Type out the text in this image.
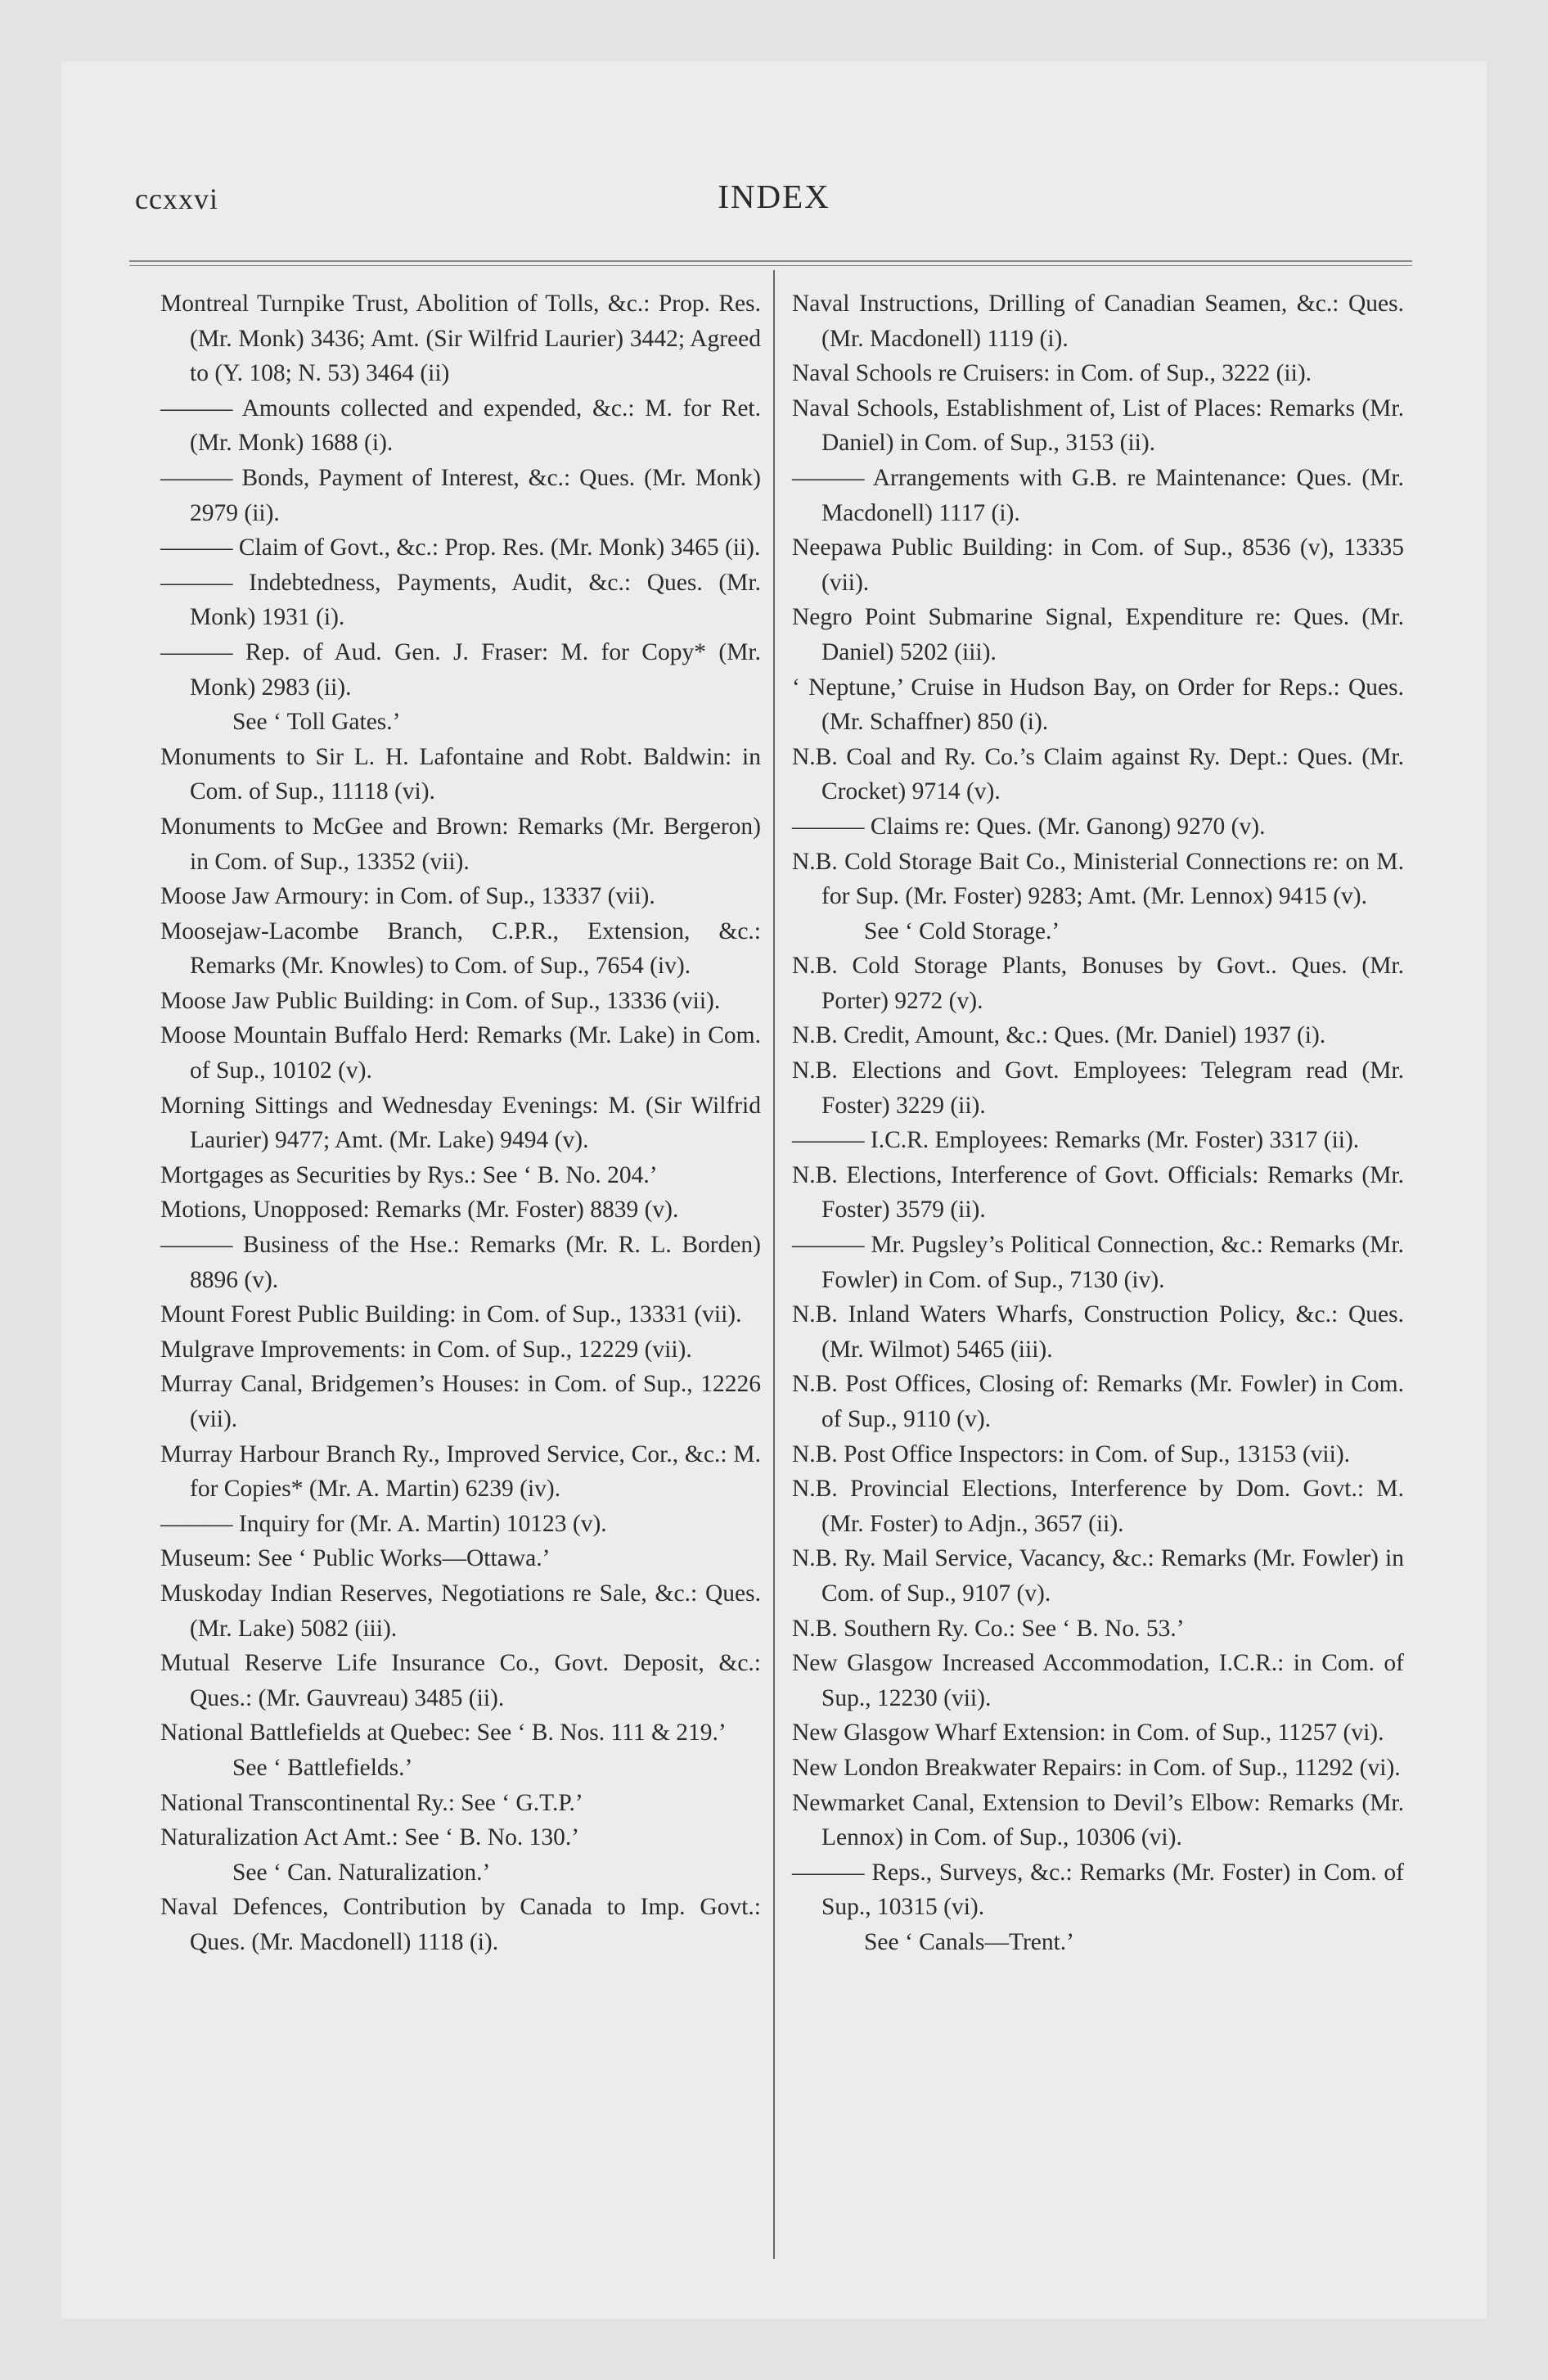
ccxxvi	INDEX
Montreal Turnpike Trust, Abolition of Tolls, &c.: Prop. Res. (Mr. Monk) 3436; Amt. (Sir Wilfrid Laurier) 3442; Agreed to (Y. 108; N. 53) 3464 (ii)
——— Amounts collected and expended, &c.: M. for Ret. (Mr. Monk) 1688 (i).
——— Bonds, Payment of Interest, &c.: Ques. (Mr. Monk) 2979 (ii).
——— Claim of Govt., &c.: Prop. Res. (Mr. Monk) 3465 (ii).
——— Indebtedness, Payments, Audit, &c.: Ques. (Mr. Monk) 1931 (i).
——— Rep. of Aud. Gen. J. Fraser: M. for Copy* (Mr. Monk) 2983 (ii).
See ‘ Toll Gates.’
Monuments to Sir L. H. Lafontaine and Robt. Baldwin: in Com. of Sup., 11118 (vi).
Monuments to McGee and Brown: Remarks (Mr. Bergeron) in Com. of Sup., 13352 (vii).
Moose Jaw Armoury: in Com. of Sup., 13337 (vii).
Moosejaw-Lacombe Branch, C.P.R., Extension, &c.: Remarks (Mr. Knowles) to Com. of Sup., 7654 (iv).
Moose Jaw Public Building: in Com. of Sup., 13336 (vii).
Moose Mountain Buffalo Herd: Remarks (Mr. Lake) in Com. of Sup., 10102 (v).
Morning Sittings and Wednesday Evenings: M. (Sir Wilfrid Laurier) 9477; Amt. (Mr. Lake) 9494 (v).
Mortgages as Securities by Rys.: See ‘ B. No. 204.’
Motions, Unopposed: Remarks (Mr. Foster) 8839 (v).
——— Business of the Hse.: Remarks (Mr. R. L. Borden) 8896 (v).
Mount Forest Public Building: in Com. of Sup., 13331 (vii).
Mulgrave Improvements: in Com. of Sup., 12229 (vii).
Murray Canal, Bridgemen’s Houses: in Com. of Sup., 12226 (vii).
Murray Harbour Branch Ry., Improved Service, Cor., &c.: M. for Copies* (Mr. A. Martin) 6239 (iv).
——— Inquiry for (Mr. A. Martin) 10123 (v).
Museum: See ‘ Public Works—Ottawa.’
Muskoday Indian Reserves, Negotiations re Sale, &c.: Ques. (Mr. Lake) 5082 (iii).
Mutual Reserve Life Insurance Co., Govt. Deposit, &c.: Ques.: (Mr. Gauvreau) 3485 (ii).
National Battlefields at Quebec: See ‘ B. Nos. 111 & 219.’
See ‘ Battlefields.’
National Transcontinental Ry.: See ‘ G.T.P.’
Naturalization Act Amt.: See ‘ B. No. 130.’
See ‘ Can. Naturalization.’
Naval Defences, Contribution by Canada to Imp. Govt.: Ques. (Mr. Macdonell) 1118 (i).
Naval Instructions, Drilling of Canadian Seamen, &c.: Ques. (Mr. Macdonell) 1119 (i).
Naval Schools re Cruisers: in Com. of Sup., 3222 (ii).
Naval Schools, Establishment of, List of Places: Remarks (Mr. Daniel) in Com. of Sup., 3153 (ii).
——— Arrangements with G.B. re Maintenance: Ques. (Mr. Macdonell) 1117 (i).
Neepawa Public Building: in Com. of Sup., 8536 (v), 13335 (vii).
Negro Point Submarine Signal, Expenditure re: Ques. (Mr. Daniel) 5202 (iii).
‘ Neptune,’ Cruise in Hudson Bay, on Order for Reps.: Ques. (Mr. Schaffner) 850 (i).
N.B. Coal and Ry. Co.’s Claim against Ry. Dept.: Ques. (Mr. Crocket) 9714 (v).
——— Claims re: Ques. (Mr. Ganong) 9270 (v).
N.B. Cold Storage Bait Co., Ministerial Connections re: on M. for Sup. (Mr. Foster) 9283; Amt. (Mr. Lennox) 9415 (v).
See ‘ Cold Storage.’
N.B. Cold Storage Plants, Bonuses by Govt.. Ques. (Mr. Porter) 9272 (v).
N.B. Credit, Amount, &c.: Ques. (Mr. Daniel) 1937 (i).
N.B. Elections and Govt. Employees: Telegram read (Mr. Foster) 3229 (ii).
——— I.C.R. Employees: Remarks (Mr. Foster) 3317 (ii).
N.B. Elections, Interference of Govt. Officials: Remarks (Mr. Foster) 3579 (ii).
——— Mr. Pugsley’s Political Connection, &c.: Remarks (Mr. Fowler) in Com. of Sup., 7130 (iv).
N.B. Inland Waters Wharfs, Construction Policy, &c.: Ques. (Mr. Wilmot) 5465 (iii).
N.B. Post Offices, Closing of: Remarks (Mr. Fowler) in Com. of Sup., 9110 (v).
N.B. Post Office Inspectors: in Com. of Sup., 13153 (vii).
N.B. Provincial Elections, Interference by Dom. Govt.: M. (Mr. Foster) to Adjn., 3657 (ii).
N.B. Ry. Mail Service, Vacancy, &c.: Remarks (Mr. Fowler) in Com. of Sup., 9107 (v).
N.B. Southern Ry. Co.: See ‘ B. No. 53.’
New Glasgow Increased Accommodation, I.C.R.: in Com. of Sup., 12230 (vii).
New Glasgow Wharf Extension: in Com. of Sup., 11257 (vi).
New London Breakwater Repairs: in Com. of Sup., 11292 (vi).
Newmarket Canal, Extension to Devil’s Elbow: Remarks (Mr. Lennox) in Com. of Sup., 10306 (vi).
——— Reps., Surveys, &c.: Remarks (Mr. Foster) in Com. of Sup., 10315 (vi).
See ‘ Canals—Trent.’
